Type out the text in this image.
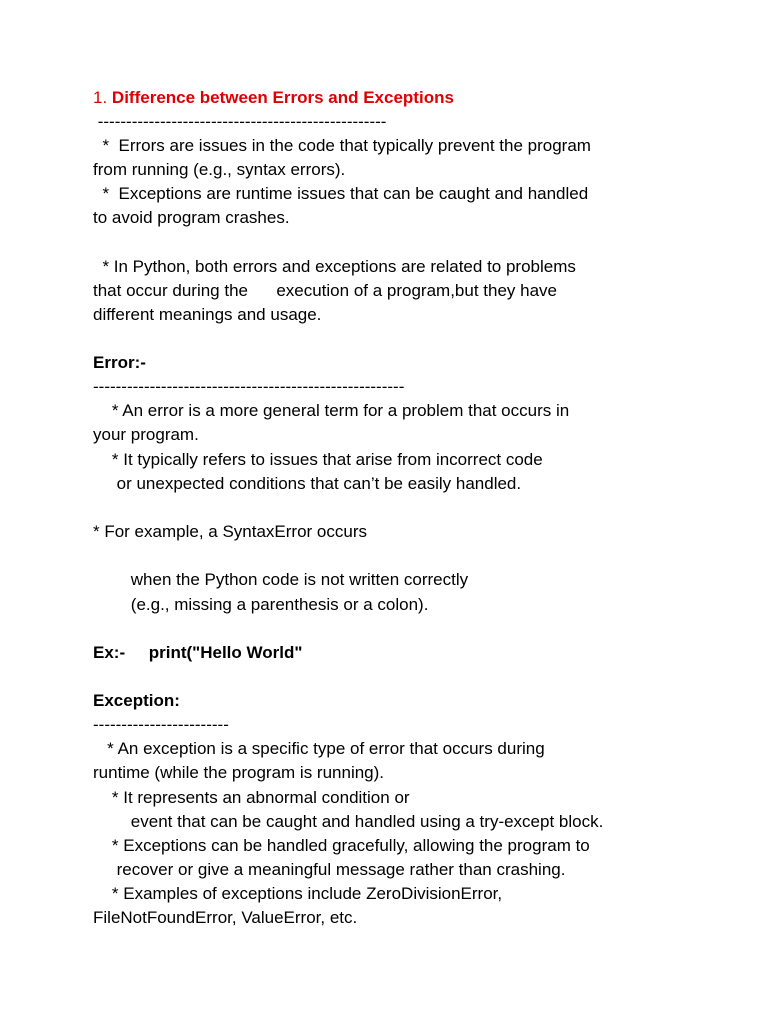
1. Difference between Errors and Exceptions
---------------------------------------------------
*  Errors are issues in the code that typically prevent the program
from running (e.g., syntax errors).
*  Exceptions are runtime issues that can be caught and handled
to avoid program crashes.
* In Python, both errors and exceptions are related to problems
that occur during the      execution of a program,but they have
different meanings and usage.
Error:-
-------------------------------------------------------
* An error is a more general term for a problem that occurs in
your program.
* It typically refers to issues that arise from incorrect code
or unexpected conditions that can’t be easily handled.
* For example, a SyntaxError occurs
when the Python code is not written correctly
(e.g., missing a parenthesis or a colon).
Ex:-     print("Hello World"
Exception:
------------------------
* An exception is a specific type of error that occurs during
runtime (while the program is running).
* It represents an abnormal condition or
event that can be caught and handled using a try-except block.
* Exceptions can be handled gracefully, allowing the program to
recover or give a meaningful message rather than crashing.
* Examples of exceptions include ZeroDivisionError,
FileNotFoundError, ValueError, etc.
